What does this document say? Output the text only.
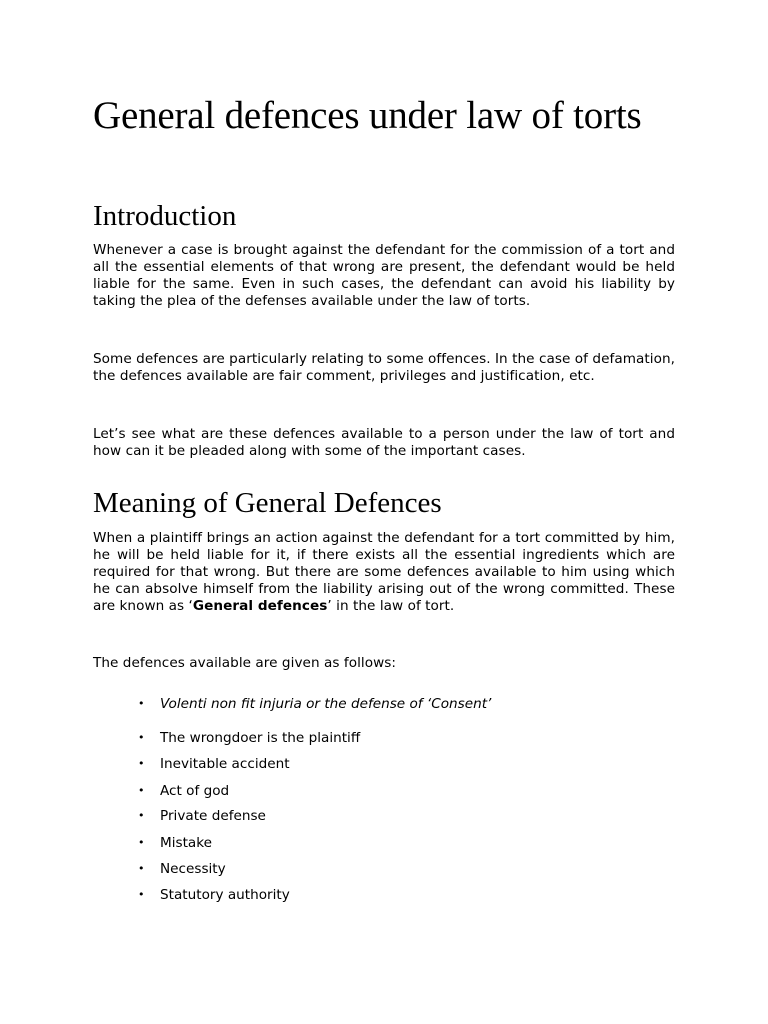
General defences under law of torts
Introduction

Whenever a case is brought against the defendant for the commission of a tort and all the essential elements of that wrong are present, the defendant would be held liable for the same. Even in such cases, the defendant can avoid his liability by taking the plea of the defenses available under the law of torts.

Some defences are particularly relating to some offences. In the case of defamation, the defences available are fair comment, privileges and justification, etc.

Let’s see what are these defences available to a person under the law of tort and how can it be pleaded along with some of the important cases.

Meaning of General Defences

When a plaintiff brings an action against the defendant for a tort committed by him, he will be held liable for it, if there exists all the essential ingredients which are required for that wrong. But there are some defences available to him using which he can absolve himself from the liability arising out of the wrong committed. These are known as ‘General defences’ in the law of tort.

The defences available are given as follows:

• Volenti non fit injuria or the defense of ‘Consent’
• The wrongdoer is the plaintiff
• Inevitable accident
• Act of god
• Private defense
• Mistake
• Necessity
• Statutory authority
